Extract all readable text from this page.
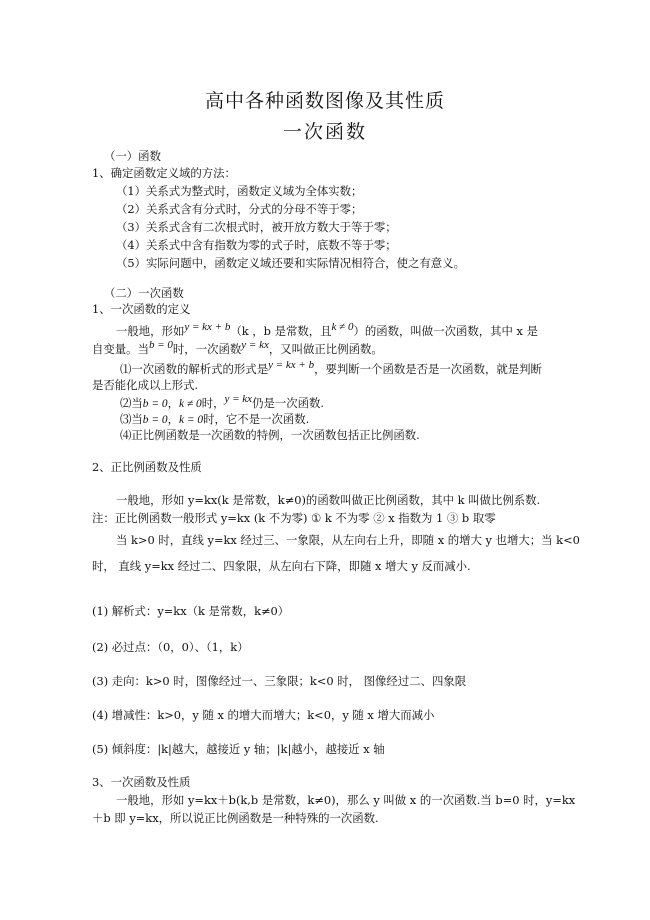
高中各种函数图像及其性质
一次函数
（一）函数
1、确定函数定义域的方法：
（1）关系式为整式时，函数定义域为全体实数；
（2）关系式含有分式时，分式的分母不等于零；
（3）关系式含有二次根式时，被开放方数大于等于零；
（4）关系式中含有指数为零的式子时，底数不等于零；
（5）实际问题中，函数定义域还要和实际情况相符合，使之有意义。
（二）一次函数
1、一次函数的定义
一般地，形如y = kx + b（k ，b 是常数，且k ≠ 0）的函数，叫做一次函数，其中 x 是
自变量。当b = 0时，一次函数y = kx，又叫做正比例函数。
⑴一次函数的解析式的形式是y = kx + b，要判断一个函数是否是一次函数，就是判断
是否能化成以上形式.
⑵当b = 0，k ≠ 0时，y = kx仍是一次函数.
⑶当b = 0，k = 0时，它不是一次函数.
⑷正比例函数是一次函数的特例，一次函数包括正比例函数.
2、正比例函数及性质
一般地，形如 y=kx(k 是常数，k≠0)的函数叫做正比例函数，其中 k 叫做比例系数.
注：正比例函数一般形式 y=kx (k 不为零) ① k 不为零 ② x 指数为 1 ③ b 取零
当 k>0 时，直线 y=kx 经过三、一象限，从左向右上升，即随 x 的增大 y 也增大；当 k<0
时， 直线 y=kx 经过二、四象限，从左向右下降，即随 x 增大 y 反而减小.
(1) 解析式：y=kx（k 是常数，k≠0）
(2) 必过点：（0，0）、（1，k）
(3) 走向：k>0 时，图像经过一、三象限；k<0 时， 图像经过二、四象限
(4) 增减性：k>0，y 随 x 的增大而增大；k<0，y 随 x 增大而减小
(5) 倾斜度：|k|越大，越接近 y 轴；|k|越小，越接近 x 轴
3、一次函数及性质
一般地，形如 y=kx＋b(k,b 是常数，k≠0)，那么 y 叫做 x 的一次函数.当 b=0 时，y=kx
＋b 即 y=kx，所以说正比例函数是一种特殊的一次函数.
